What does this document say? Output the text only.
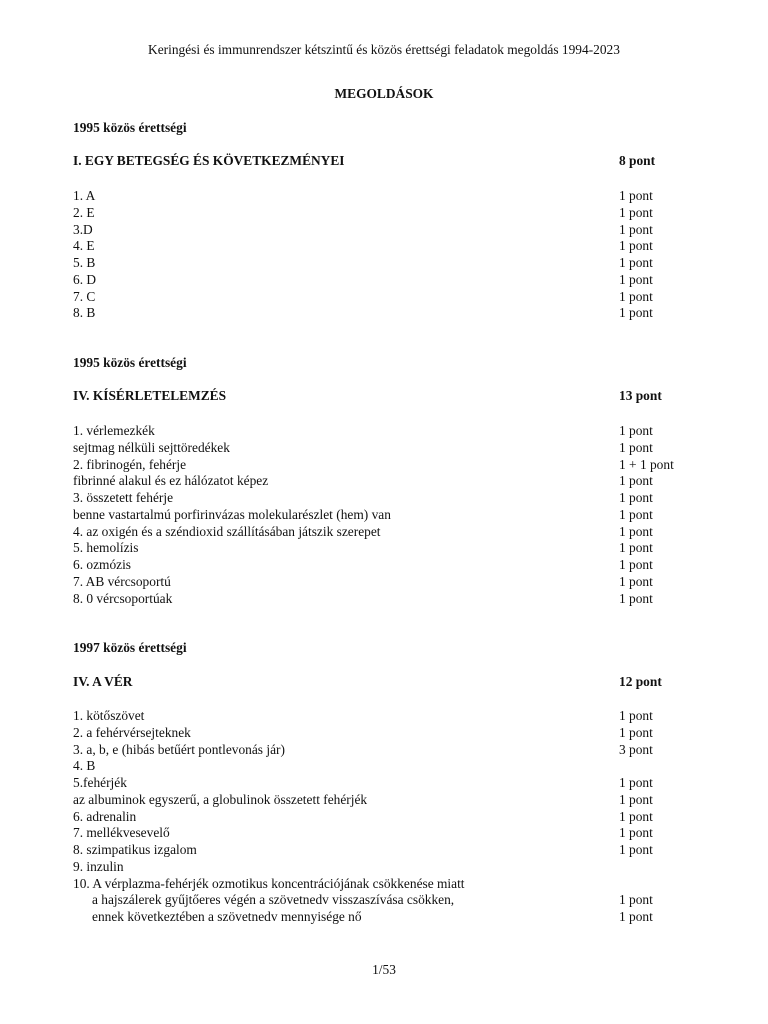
Keringési és immunrendszer kétszintű és közös érettségi feladatok megoldás 1994-2023
MEGOLDÁSOK
1995 közös érettségi
I. EGY BETEGSÉG ÉS KÖVETKEZMÉNYEI	8 pont
1. A	1 pont
2. E	1 pont
3.D	1 pont
4. E	1 pont
5. B	1 pont
6. D	1 pont
7. C	1 pont
8. B	1 pont
1995 közös érettségi
IV. KÍSÉRLETELEMZÉS	13 pont
1. vérlemezkék	1 pont
sejtmag nélküli sejttöredékek	1 pont
2. fibrinogén, fehérje	1 + 1 pont
fibrinné alakul és ez hálózatot képez	1 pont
3. összetett fehérje	1 pont
benne vastartalmú porfirinvázas molekularészlet (hem) van	1 pont
4. az oxigén és a széndioxid szállításában játszik szerepet	1 pont
5. hemolízis	1 pont
6. ozmózis	1 pont
7. AB vércsoportú	1 pont
8. 0 vércsoportúak	1 pont
1997 közös érettségi
IV. A VÉR	12 pont
1. kötőszövet	1 pont
2. a fehérvérsejteknek	1 pont
3. a, b, e (hibás betűért pontlevonás jár)	3 pont
4. B
5.fehérjék	1 pont
az albuminok egyszerű, a globulinok összetett fehérjék	1 pont
6. adrenalin	1 pont
7. mellékvesevelő	1 pont
8. szimpatikus izgalom	1 pont
9. inzulin
10. A vérplazma-fehérjék ozmotikus koncentrációjának csökkenése miatt
a hajszálerek gyűjtőeres végén a szövetnedv visszaszívása csökken,	1 pont
ennek következtében a szövetnedv mennyisége nő	1 pont
1/53
